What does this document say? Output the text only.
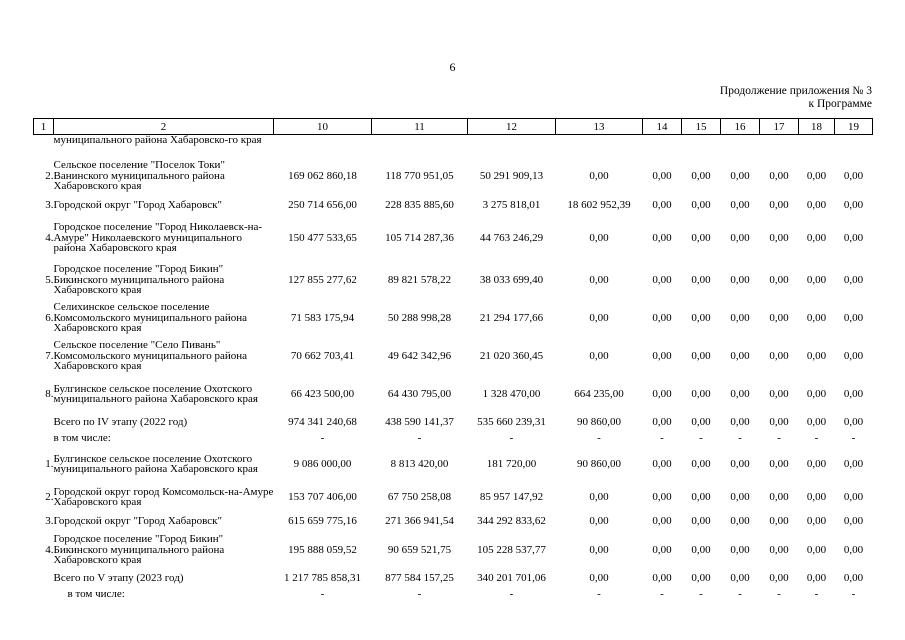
6
Продолжение приложения № 3
к Программе
1	2	10	11	12	13	14	15	16	17	18	19
	муниципального района Хабаровско-го края										
2.	Сельское поселение "Поселок Токи" Ванинского муниципального района Хабаровского края	169 062 860,18	118 770 951,05	50 291 909,13	0,00	0,00	0,00	0,00	0,00	0,00	0,00
3.	Городской округ "Город Хабаровск"	250 714 656,00	228 835 885,60	3 275 818,01	18 602 952,39	0,00	0,00	0,00	0,00	0,00	0,00
4.	Городское поселение "Город Николаевск-на-Амуре" Николаевского муниципального района Хабаровского края	150 477 533,65	105 714 287,36	44 763 246,29	0,00	0,00	0,00	0,00	0,00	0,00	0,00
5.	Городское поселение "Город Бикин" Бикинского муниципального района Хабаровского края	127 855 277,62	89 821 578,22	38 033 699,40	0,00	0,00	0,00	0,00	0,00	0,00	0,00
6.	Селихинское сельское поселение Комсомольского муниципального района Хабаровского края	71 583 175,94	50 288 998,28	21 294 177,66	0,00	0,00	0,00	0,00	0,00	0,00	0,00
7.	Сельское поселение "Село Пивань" Комсомольского муниципального района Хабаровского края	70 662 703,41	49 642 342,96	21 020 360,45	0,00	0,00	0,00	0,00	0,00	0,00	0,00
8.	Булгинское сельское поселение Охотского муниципального района Хабаровского края	66 423 500,00	64 430 795,00	1 328 470,00	664 235,00	0,00	0,00	0,00	0,00	0,00	0,00
	Всего по IV этапу (2022 год)	974 341 240,68	438 590 141,37	535 660 239,31	90 860,00	0,00	0,00	0,00	0,00	0,00	0,00
	в том числе:	-	-	-	-	-	-	-	-	-	-
1.	Булгинское сельское поселение Охотского муниципального района Хабаровского края	9 086 000,00	8 813 420,00	181 720,00	90 860,00	0,00	0,00	0,00	0,00	0,00	0,00
2.	Городской округ город Комсомольск-на-Амуре Хабаровского края	153 707 406,00	67 750 258,08	85 957 147,92	0,00	0,00	0,00	0,00	0,00	0,00	0,00
3.	Городской округ "Город Хабаровск"	615 659 775,16	271 366 941,54	344 292 833,62	0,00	0,00	0,00	0,00	0,00	0,00	0,00
4.	Городское поселение "Город Бикин" Бикинского муниципального района Хабаровского края	195 888 059,52	90 659 521,75	105 228 537,77	0,00	0,00	0,00	0,00	0,00	0,00	0,00
	Всего по V этапу (2023 год)	1 217 785 858,31	877 584 157,25	340 201 701,06	0,00	0,00	0,00	0,00	0,00	0,00	0,00
	в том числе:	-	-	-	-	-	-	-	-	-	-
